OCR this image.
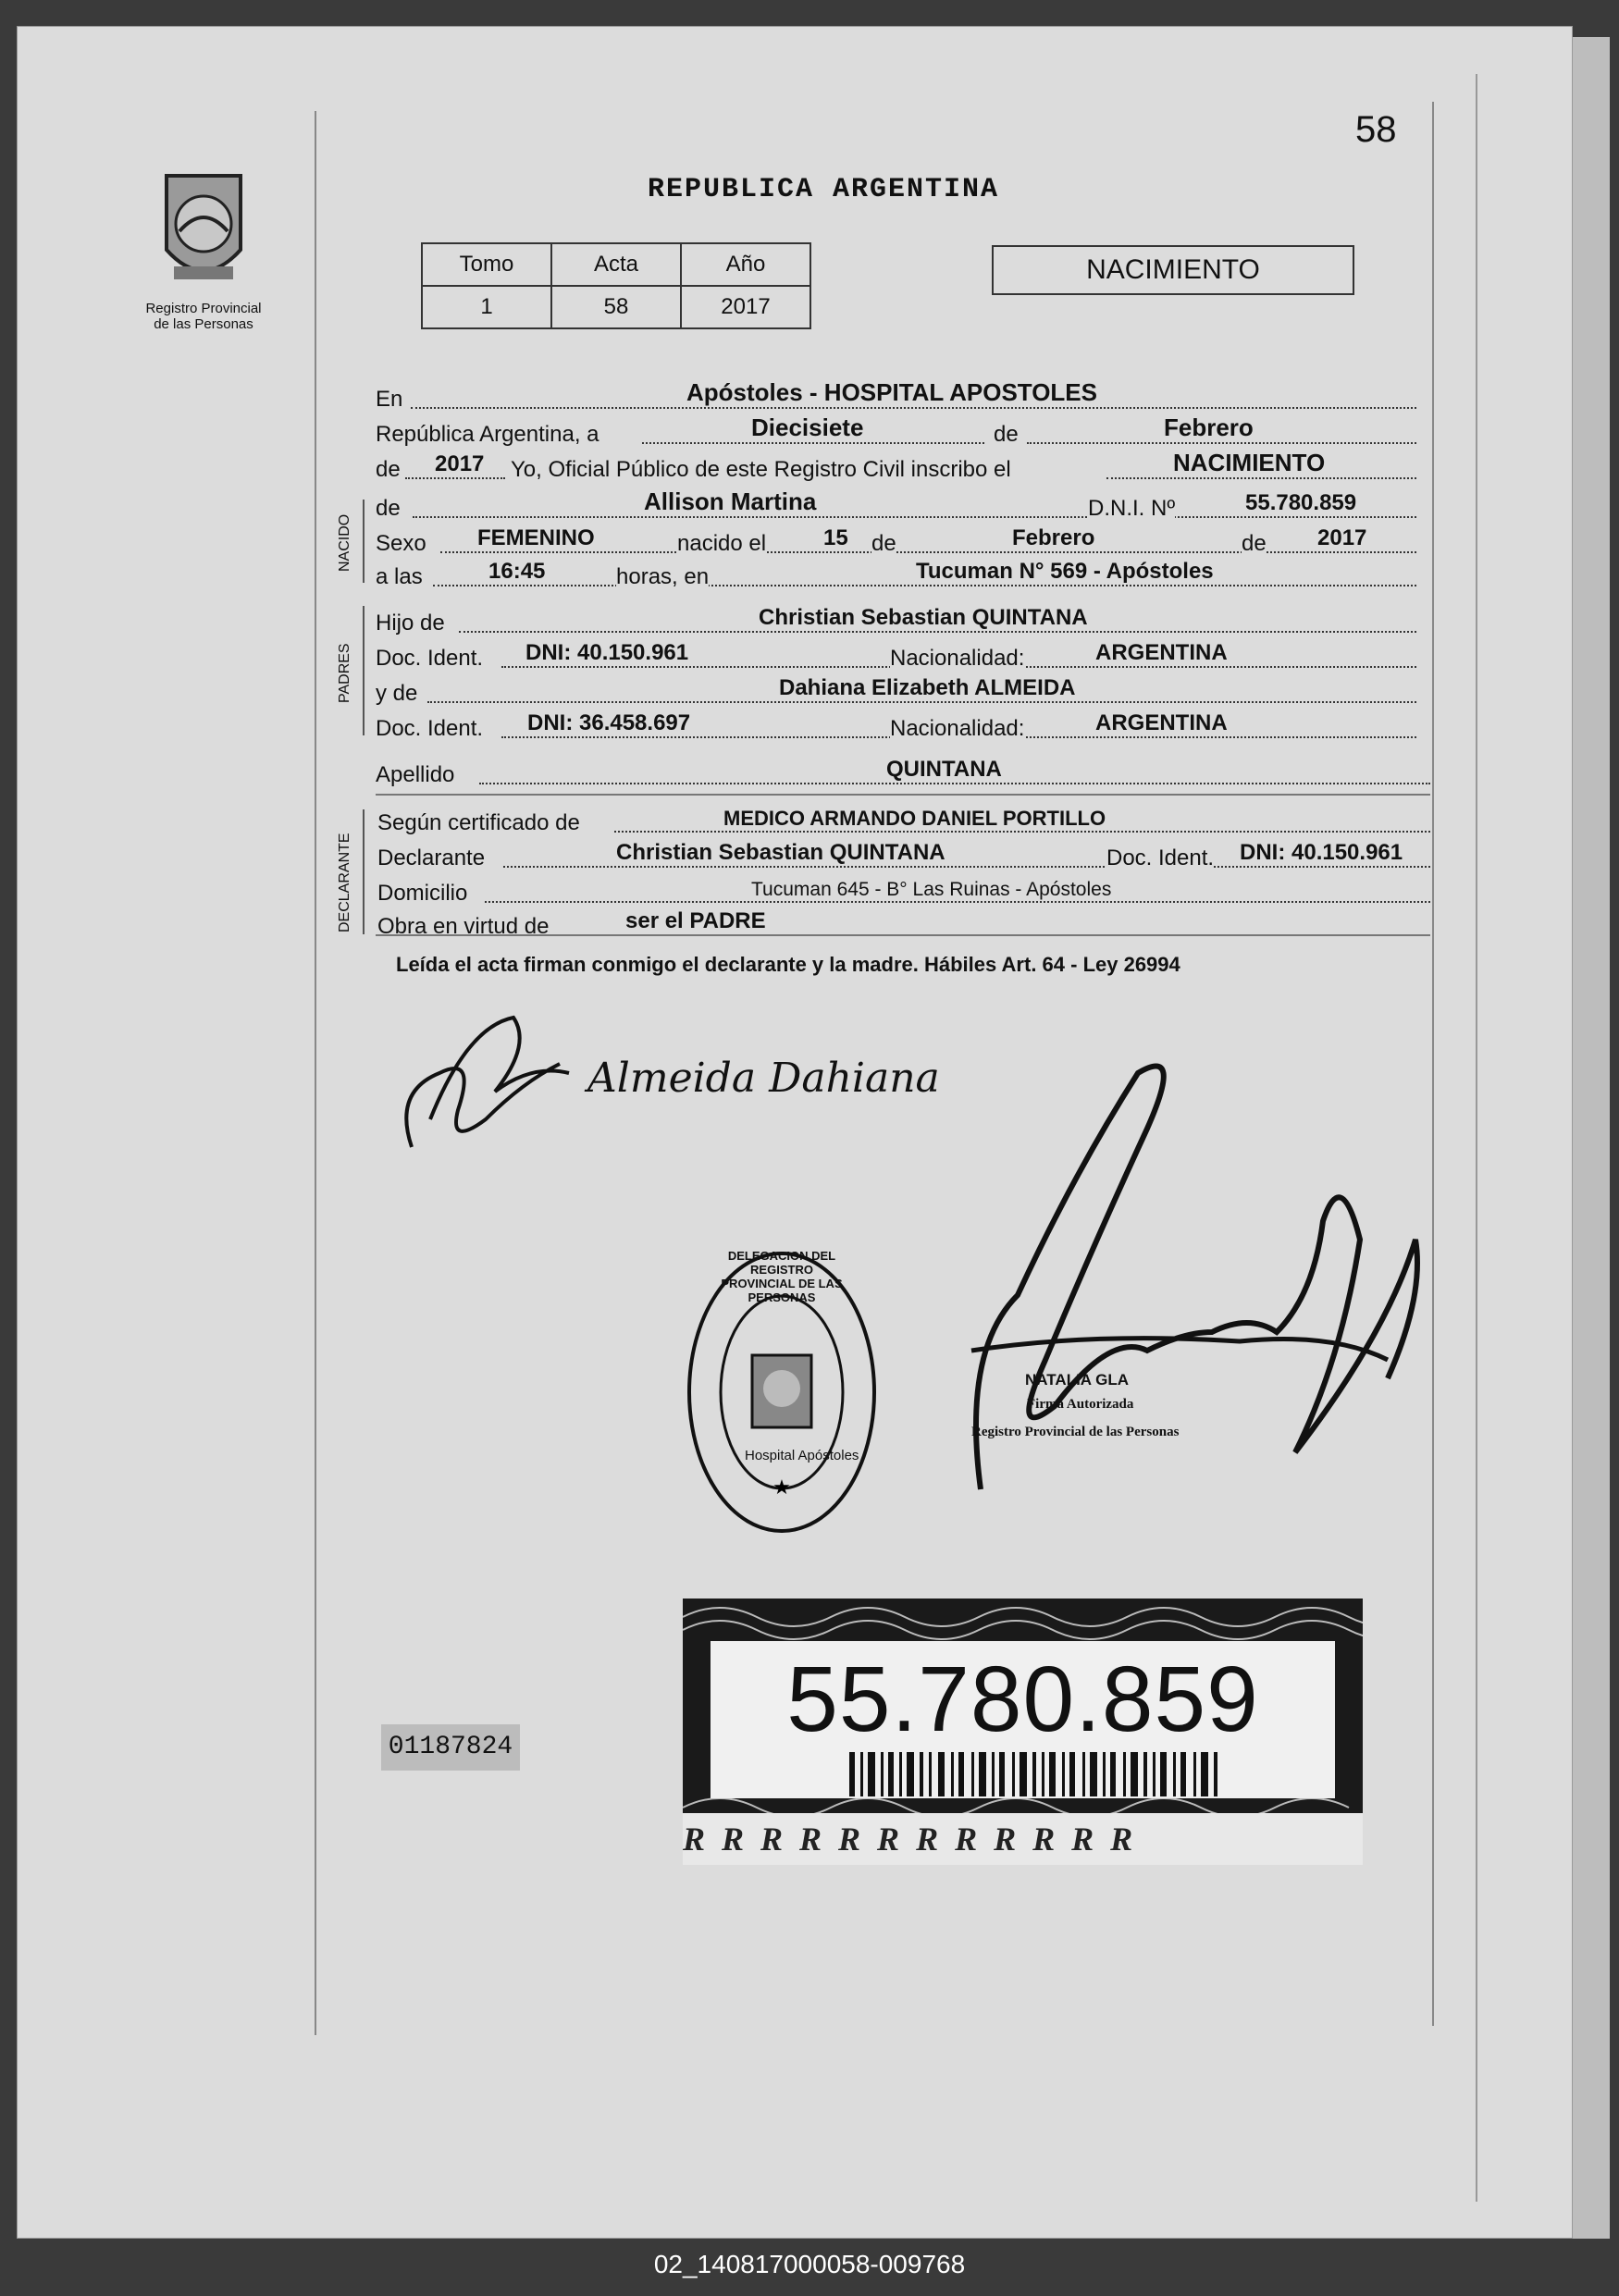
58
REPUBLICA ARGENTINA
Registro Provincial
de las Personas
Tomo	Acta	Año
1	58	2017
NACIMIENTO
En	Apóstoles - HOSPITAL APOSTOLES
República Argentina, a	Diecisiete	de	Febrero
de 2017 Yo, Oficial Público de este Registro Civil inscribo el	NACIMIENTO
NACIDO
de	Allison Martina	D.N.I. Nº	55.780.859
Sexo FEMENINO	nacido el	15 de	Febrero	de 2017
a las	16:45	horas, en	Tucuman N° 569 - Apóstoles
PADRES
Hijo de	Christian Sebastian QUINTANA
Doc. Ident. DNI: 40.150.961	Nacionalidad:	ARGENTINA
y de	Dahiana Elizabeth ALMEIDA
Doc. Ident. DNI: 36.458.697	Nacionalidad:	ARGENTINA
Apellido	QUINTANA
DECLARANTE
Según certificado de	MEDICO ARMANDO DANIEL PORTILLO
Declarante	Christian Sebastian QUINTANA	Doc. Ident. DNI: 40.150.961
Domicilio	Tucuman 645 - B° Las Ruinas - Apóstoles
Obra en virtud de	ser el PADRE
Leída el acta firman conmigo el declarante y la madre. Hábiles Art. 64 - Ley 26994
Almeida Dahiana
★
DELEGACION DEL REGISTRO PROVINCIAL DE LAS PERSONAS
Hospital Apóstoles
NATALIA GLA
Firma Autorizada
Registro Provincial de las Personas
01187824	55.780.859
RRRRRRRRRRRR
02_140817000058-009768
